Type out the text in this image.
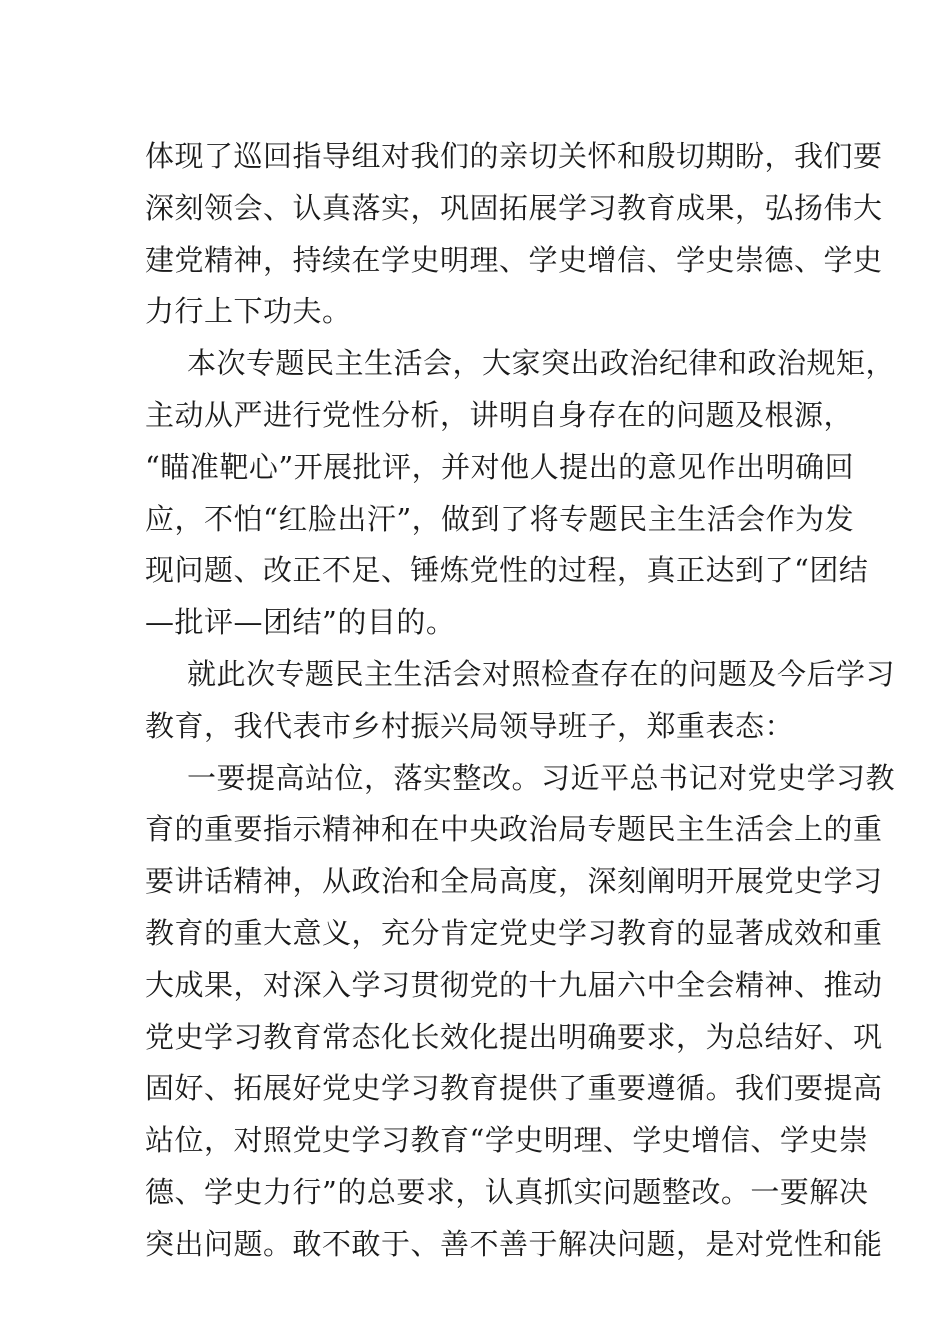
体现了巡回指导组对我们的亲切关怀和殷切期盼，我们要
深刻领会、认真落实，巩固拓展学习教育成果，弘扬伟大
建党精神，持续在学史明理、学史增信、学史崇德、学史
力行上下功夫。

本次专题民主生活会，大家突出政治纪律和政治规矩，
主动从严进行党性分析，讲明自身存在的问题及根源，
“瞄准靶心”开展批评，并对他人提出的意见作出明确回
应，不怕“红脸出汗”，做到了将专题民主生活会作为发
现问题、改正不足、锤炼党性的过程，真正达到了“团结
—批评—团结”的目的。

就此次专题民主生活会对照检查存在的问题及今后学习
教育，我代表市乡村振兴局领导班子，郑重表态：

一要提高站位，落实整改。习近平总书记对党史学习教
育的重要指示精神和在中央政治局专题民主生活会上的重
要讲话精神，从政治和全局高度，深刻阐明开展党史学习
教育的重大意义，充分肯定党史学习教育的显著成效和重
大成果，对深入学习贯彻党的十九届六中全会精神、推动
党史学习教育常态化长效化提出明确要求，为总结好、巩
固好、拓展好党史学习教育提供了重要遵循。我们要提高
站位，对照党史学习教育“学史明理、学史增信、学史崇
德、学史力行”的总要求，认真抓实问题整改。一要解决
突出问题。敢不敢于、善不善于解决问题，是对党性和能
